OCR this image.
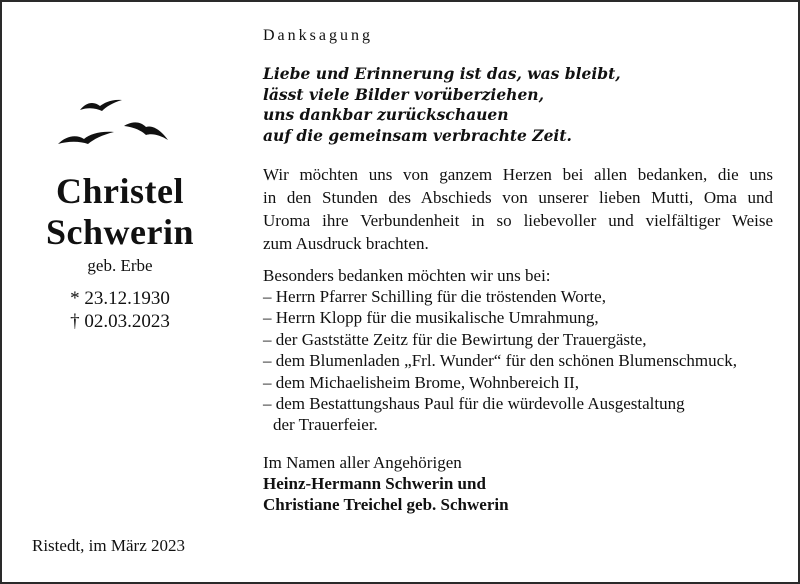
Christel
Schwerin
geb. Erbe
* 23.12.1930
† 02.03.2023
Ristedt, im März 2023
Danksagung
Liebe und Erinnerung ist das, was bleibt,
lässt viele Bilder vorüberziehen,
uns dankbar zurückschauen
auf die gemeinsam verbrachte Zeit.
Wir möchten uns von ganzem Herzen bei allen bedanken, die uns
in den Stunden des Abschieds von unserer lieben Mutti, Oma und
Uroma ihre Verbundenheit in so liebevoller und vielfältiger Weise
zum Ausdruck brachten.
Besonders bedanken möchten wir uns bei:
– Herrn Pfarrer Schilling für die tröstenden Worte,
– Herrn Klopp für die musikalische Umrahmung,
– der Gaststätte Zeitz für die Bewirtung der Trauergäste,
– dem Blumenladen „Frl. Wunder“ für den schönen Blumenschmuck,
– dem Michaelisheim Brome, Wohnbereich II,
– dem Bestattungshaus Paul für die würdevolle Ausgestaltung
der Trauerfeier.
Im Namen aller Angehörigen
Heinz-Hermann Schwerin und
Christiane Treichel geb. Schwerin
